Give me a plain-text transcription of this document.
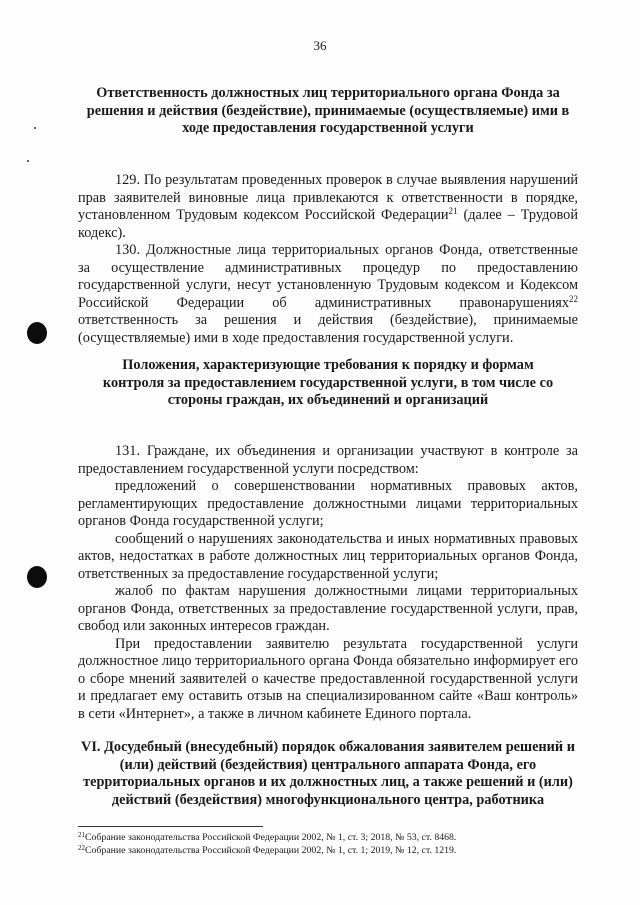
36
Ответственность должностных лиц территориального органа Фонда за решения и действия (бездействие), принимаемые (осуществляемые) ими в ходе предоставления государственной услуги

129. По результатам проведенных проверок в случае выявления нарушений прав заявителей виновные лица привлекаются к ответственности в порядке, установленном Трудовым кодексом Российской Федерации$^{21}$ (далее – Трудовой кодекс).

130. Должностные лица территориальных органов Фонда, ответственные за осуществление административных процедур по предоставлению государственной услуги, несут установленную Трудовым кодексом и Кодексом Российской Федерации об административных правонарушениях$^{22}$ ответственность за решения и действия (бездействие), принимаемые (осуществляемые) ими в ходе предоставления государственной услуги.

Положения, характеризующие требования к порядку и формам контроля за предоставлением государственной услуги, в том числе со стороны граждан, их объединений и организаций

131. Граждане, их объединения и организации участвуют в контроле за предоставлением государственной услуги посредством:

предложений о совершенствовании нормативных правовых актов, регламентирующих предоставление должностными лицами территориальных органов Фонда государственной услуги;

сообщений о нарушениях законодательства и иных нормативных правовых актов, недостатках в работе должностных лиц территориальных органов Фонда, ответственных за предоставление государственной услуги;

жалоб по фактам нарушения должностными лицами территориальных органов Фонда, ответственных за предоставление государственной услуги, прав, свобод или законных интересов граждан.

При предоставлении заявителю результата государственной услуги должностное лицо территориального органа Фонда обязательно информирует его о сборе мнений заявителей о качестве предоставленной государственной услуги и предлагает ему оставить отзыв на специализированном сайте «Ваш контроль» в сети «Интернет», а также в личном кабинете Единого портала.

VI. Досудебный (внесудебный) порядок обжалования заявителем решений и (или) действий (бездействия) центрального аппарата Фонда, его территориальных органов и их должностных лиц, а также решений и (или) действий (бездействия) многофункционального центра, работника
$^{21}$Собрание законодательства Российской Федерации 2002, № 1, ст. 3; 2018, № 53, ст. 8468.
$^{22}$Собрание законодательства Российской Федерации 2002, № 1, ст. 1; 2019, № 12, ст. 1219.
